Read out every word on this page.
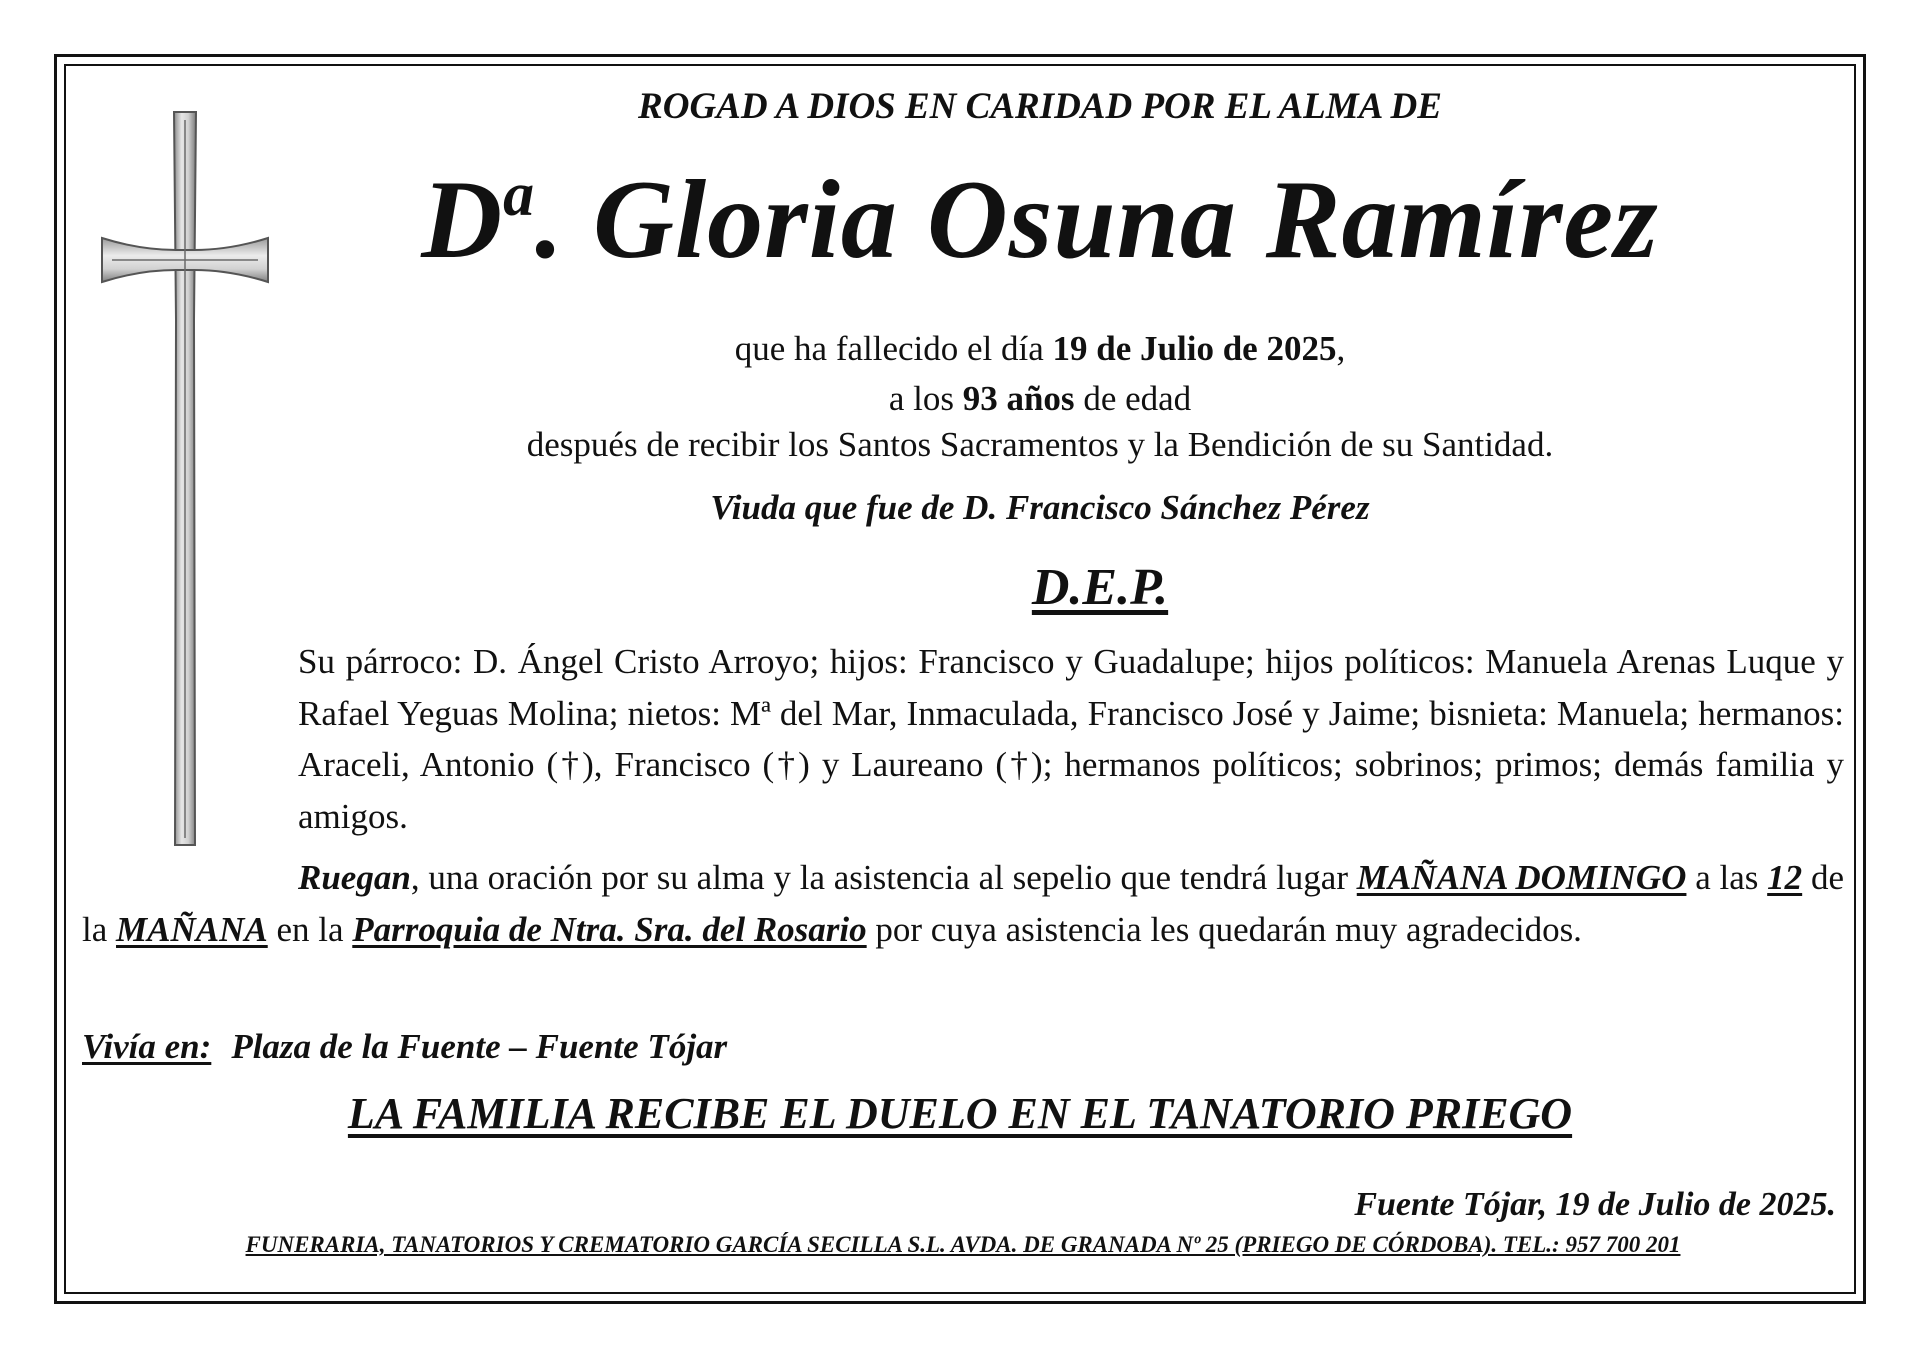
ROGAD A DIOS EN CARIDAD POR EL ALMA DE
$D^a$. Gloria Osuna Ramírez
que ha fallecido el día 19 de Julio de 2025,
a los 93 años de edad
después de recibir los Santos Sacramentos y la Bendición de su Santidad.
Viuda que fue de D. Francisco Sánchez Pérez
D.E.P.
Su párroco: D. Ángel Cristo Arroyo; hijos: Francisco y Guadalupe; hijos políticos: Manuela Arenas Luque y Rafael Yeguas Molina; nietos: Mª del Mar, Inmaculada, Francisco José y Jaime; bisnieta: Manuela; hermanos: Araceli, Antonio (†), Francisco (†) y Laureano (†); hermanos políticos; sobrinos; primos; demás familia y amigos.
Ruegan, una oración por su alma y la asistencia al sepelio que tendrá lugar MAÑANA DOMINGO a las 12 de la MAÑANA en la Parroquia de Ntra. Sra. del Rosario por cuya asistencia les quedarán muy agradecidos.
Vivía en: Plaza de la Fuente – Fuente Tójar
LA FAMILIA RECIBE EL DUELO EN EL TANATORIO PRIEGO
Fuente Tójar, 19 de Julio de 2025.
FUNERARIA, TANATORIOS Y CREMATORIO GARCÍA SECILLA S.L. AVDA. DE GRANADA Nº 25 (PRIEGO DE CÓRDOBA). TEL.: 957 700 201
